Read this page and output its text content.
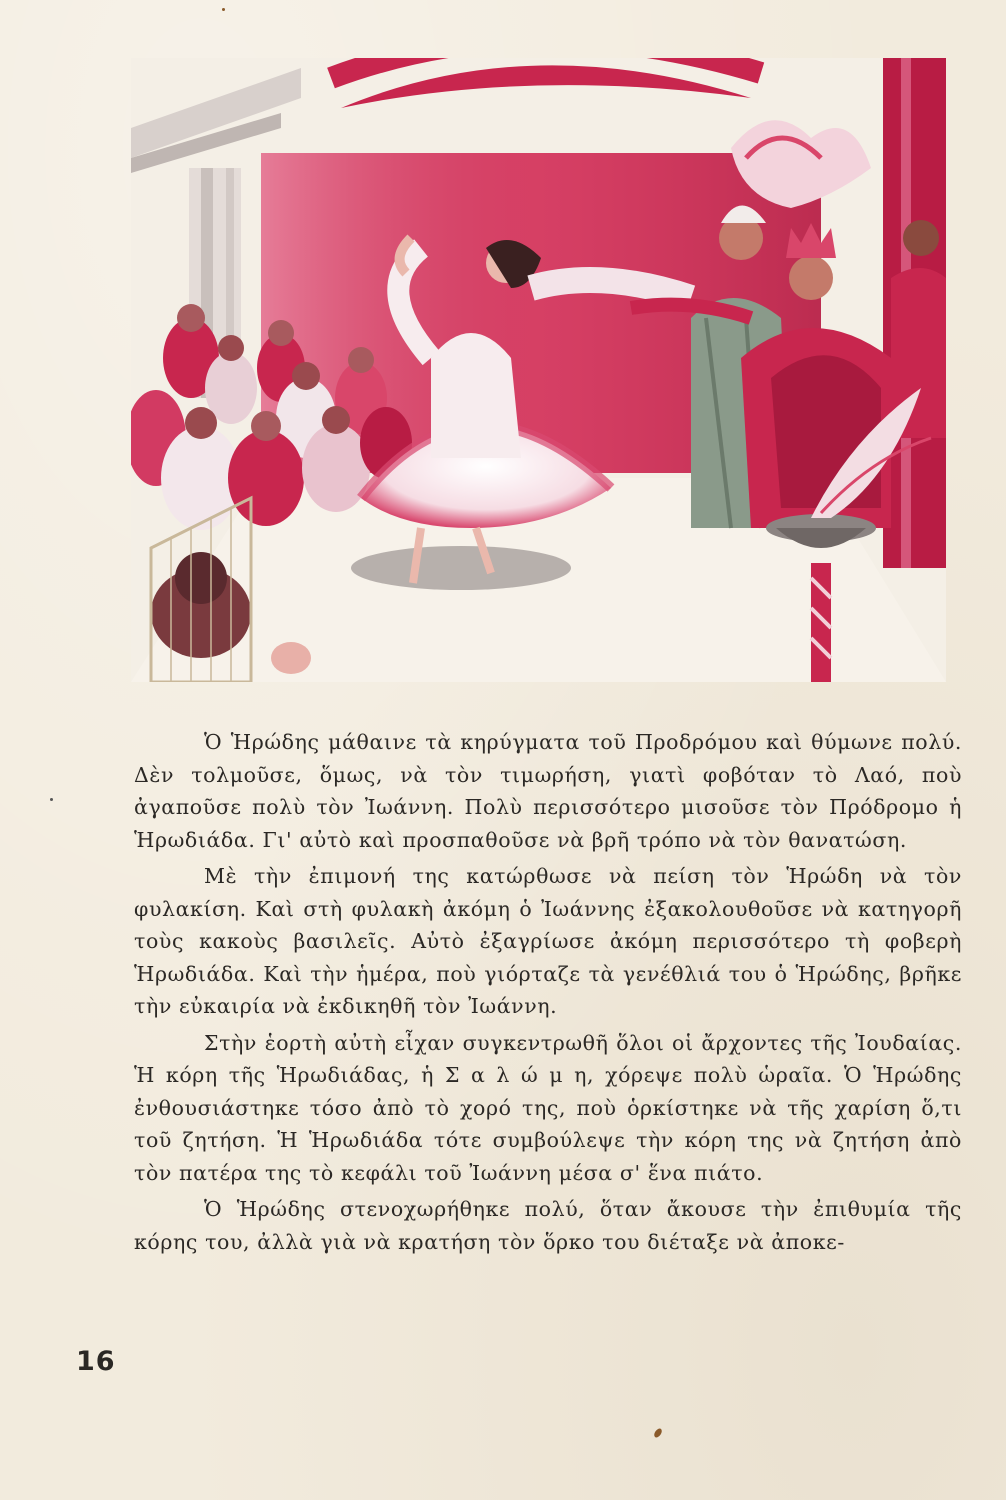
Ὁ Ἡρώδης μάθαινε τὰ κηρύγματα τοῦ Προδρόμου καὶ θύμωνε πολύ. Δὲν τολμοῦσε, ὅμως, νὰ τὸν τιμωρήση, γιατὶ φοβόταν τὸ Λαό, ποὺ ἀγαποῦσε πολὺ τὸν Ἰωάννη. Πολὺ περισσότερο μισοῦσε τὸν Πρόδρομο ἡ Ἡρωδιάδα. Γι' αὐτὸ καὶ προσπαθοῦσε νὰ βρῆ τρόπο νὰ τὸν θανατώση.

Μὲ τὴν ἐπιμονή της κατώρθωσε νὰ πείση τὸν Ἡρώδη νὰ τὸν φυλακίση. Καὶ στὴ φυλακὴ ἀκόμη ὁ Ἰωάννης ἐξακολουθοῦσε νὰ κατηγορῆ τοὺς κακοὺς βασιλεῖς. Αὐτὸ ἐξαγρίωσε ἀκόμη περισσότερο τὴ φοβερὴ Ἡρωδιάδα. Καὶ τὴν ἡμέρα, ποὺ γιόρταζε τὰ γενέθλιά του ὁ Ἡρώδης, βρῆκε τὴν εὐκαιρία νὰ ἐκδικηθῆ τὸν Ἰωάννη.

Στὴν ἑορτὴ αὐτὴ εἶχαν συγκεντρωθῆ ὅλοι οἱ ἄρχοντες τῆς Ἰουδαίας. Ἡ κόρη τῆς Ἡρωδιάδας, ἡ Σ α λ ώ μ η, χόρεψε πολὺ ὡραῖα. Ὁ Ἡρώδης ἐνθουσιάστηκε τόσο ἀπὸ τὸ χορό της, ποὺ ὁρκίστηκε νὰ τῆς χαρίση ὅ,τι τοῦ ζητήση. Ἡ Ἡρωδιάδα τότε συμβούλεψε τὴν κόρη της νὰ ζητήση ἀπὸ τὸν πατέρα της τὸ κεφάλι τοῦ Ἰωάννη μέσα σ' ἕνα πιάτο.

Ὁ Ἡρώδης στενοχωρήθηκε πολύ, ὅταν ἄκουσε τὴν ἐπιθυμία τῆς κόρης του, ἀλλὰ γιὰ νὰ κρατήση τὸν ὅρκο του διέταξε νὰ ἀποκε-

16
